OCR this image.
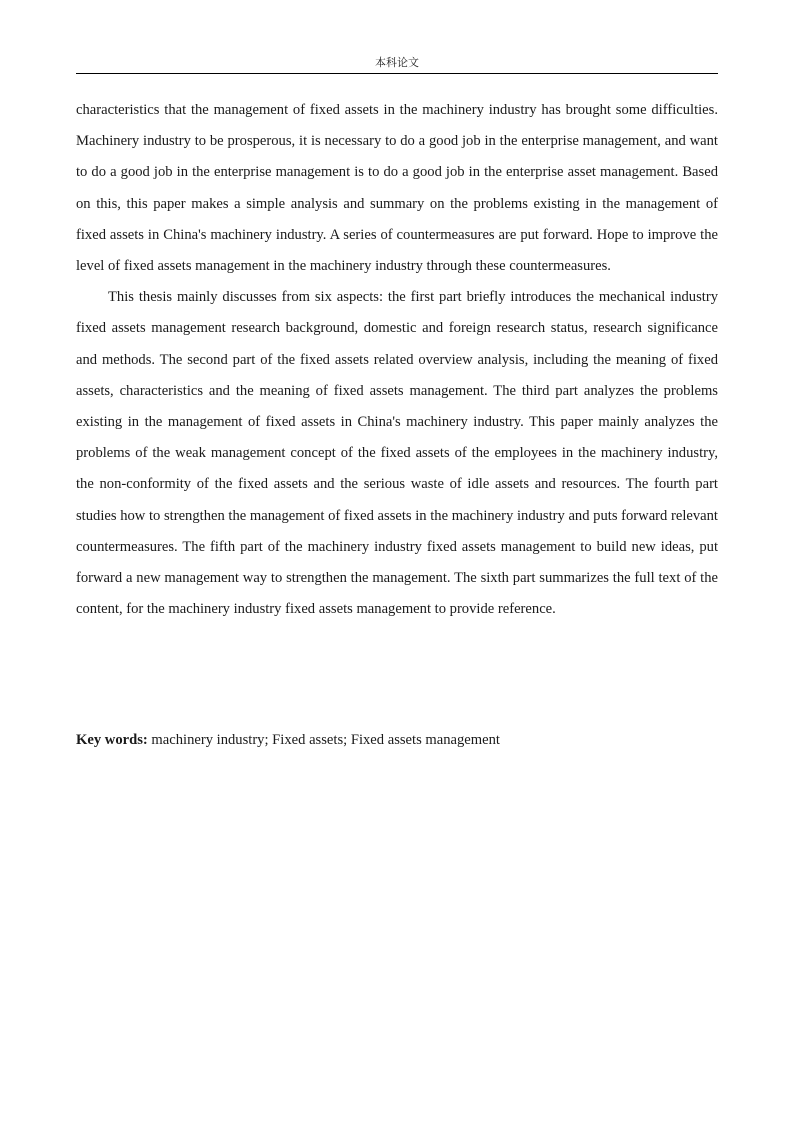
本科论文

characteristics that the management of fixed assets in the machinery industry has brought some difficulties. Machinery industry to be prosperous, it is necessary to do a good job in the enterprise management, and want to do a good job in the enterprise management is to do a good job in the enterprise asset management. Based on this, this paper makes a simple analysis and summary on the problems existing in the management of fixed assets in China's machinery industry. A series of countermeasures are put forward. Hope to improve the level of fixed assets management in the machinery industry through these countermeasures.

This thesis mainly discusses from six aspects: the first part briefly introduces the mechanical industry fixed assets management research background, domestic and foreign research status, research significance and methods. The second part of the fixed assets related overview analysis, including the meaning of fixed assets, characteristics and the meaning of fixed assets management. The third part analyzes the problems existing in the management of fixed assets in China's machinery industry. This paper mainly analyzes the problems of the weak management concept of the fixed assets of the employees in the machinery industry, the non-conformity of the fixed assets and the serious waste of idle assets and resources. The fourth part studies how to strengthen the management of fixed assets in the machinery industry and puts forward relevant countermeasures. The fifth part of the machinery industry fixed assets management to build new ideas, put forward a new management way to strengthen the management. The sixth part summarizes the full text of the content, for the machinery industry fixed assets management to provide reference.

Key words: machinery industry; Fixed assets; Fixed assets management
